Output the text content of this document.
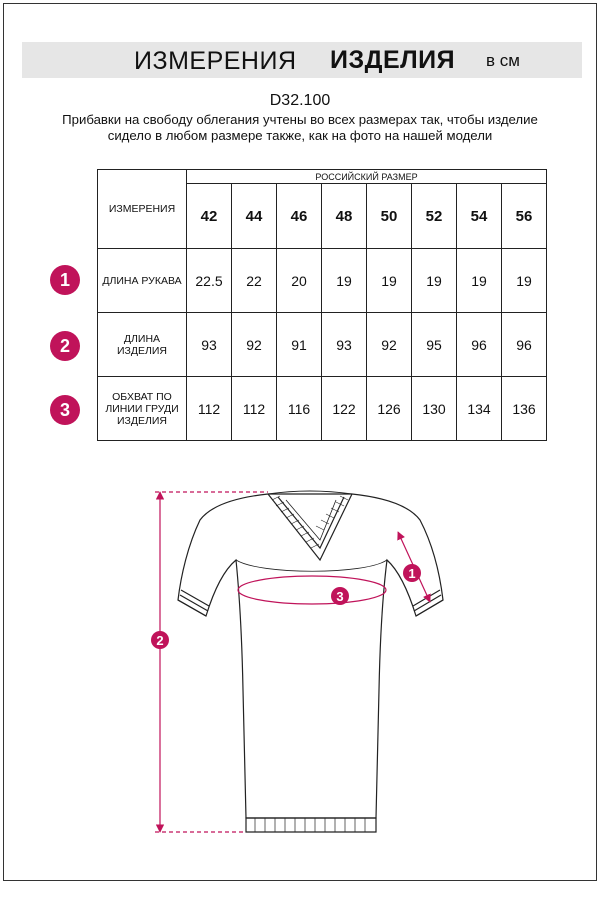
ИЗМЕРЕНИЯ ИЗДЕЛИЯ в см
D32.100
Прибавки на свободу облегания учтены во всех размерах так, чтобы изделие сидело в любом размере также, как на фото на нашей модели
ИЗМЕРЕНИЯ	РОССИЙСКИЙ РАЗМЕР							
	42	44	46	48	50	52	54	56
ДЛИНА РУКАВА	22.5	22	20	19	19	19	19	19
ДЛИНА ИЗДЕЛИЯ	93	92	91	93	92	95	96	96
ОБХВАТ ПО ЛИНИИ ГРУДИ ИЗДЕЛИЯ	112	112	116	122	126	130	134	136
1
2
3
1
2
3
